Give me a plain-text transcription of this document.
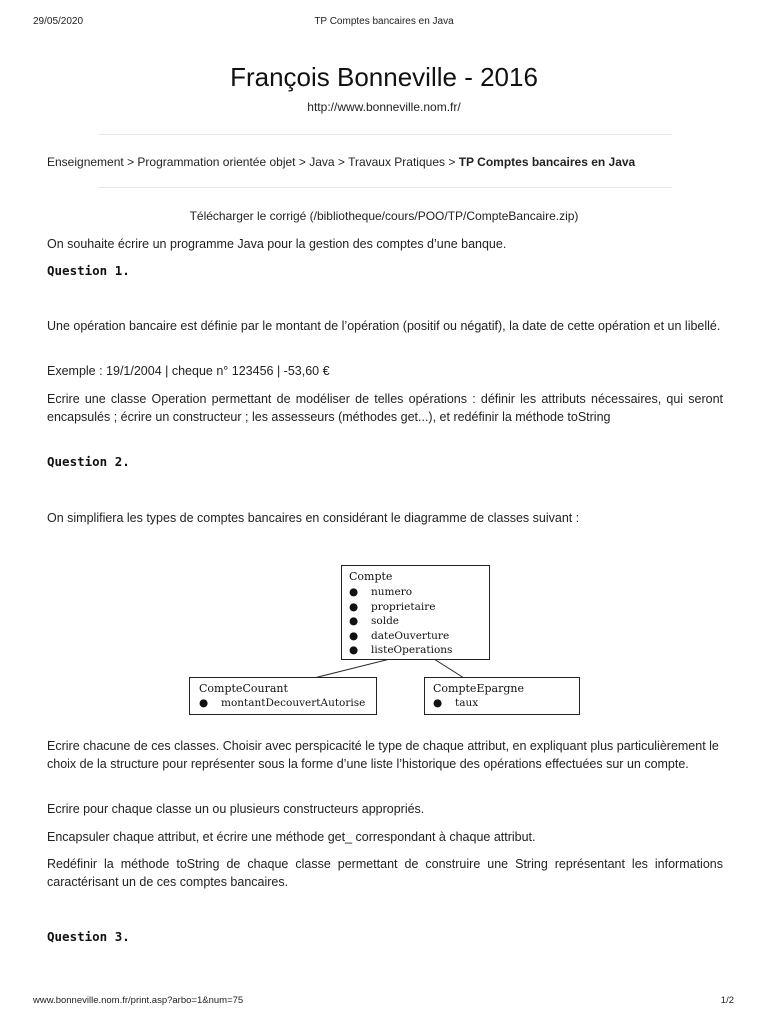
29/05/2020	TP Comptes bancaires en Java
François Bonneville - 2016
http://www.bonneville.nom.fr/
Enseignement > Programmation orientée objet > Java > Travaux Pratiques > TP Comptes bancaires en Java
Télécharger le corrigé (/bibliotheque/cours/POO/TP/CompteBancaire.zip)
On souhaite écrire un programme Java pour la gestion des comptes d’une banque.
Question 1.
Une opération bancaire est définie par le montant de l’opération (positif ou négatif), la date de cette opération et un libellé.
Exemple : 19/1/2004 | cheque n° 123456 | -53,60 €
Ecrire une classe Operation permettant de modéliser de telles opérations : définir les attributs nécessaires, qui seront encapsulés ; écrire un constructeur ; les assesseurs (méthodes get...), et redéfinir la méthode toString
Question 2.
On simplifiera les types de comptes bancaires en considérant le diagramme de classes suivant :
Compte
● numero
● proprietaire
● solde
● dateOuverture
● listeOperations
CompteCourant
● montantDecouvertAutorise
CompteEpargne
● taux
Ecrire chacune de ces classes. Choisir avec perspicacité le type de chaque attribut, en expliquant plus particulièrement le choix de la structure pour représenter sous la forme d’une liste l’historique des opérations effectuées sur un compte.
Ecrire pour chaque classe un ou plusieurs constructeurs appropriés.
Encapsuler chaque attribut, et écrire une méthode get_ correspondant à chaque attribut.
Redéfinir la méthode toString de chaque classe permettant de construire une String représentant les informations caractérisant un de ces comptes bancaires.
Question 3.
www.bonneville.nom.fr/print.asp?arbo=1&num=75	1/2
